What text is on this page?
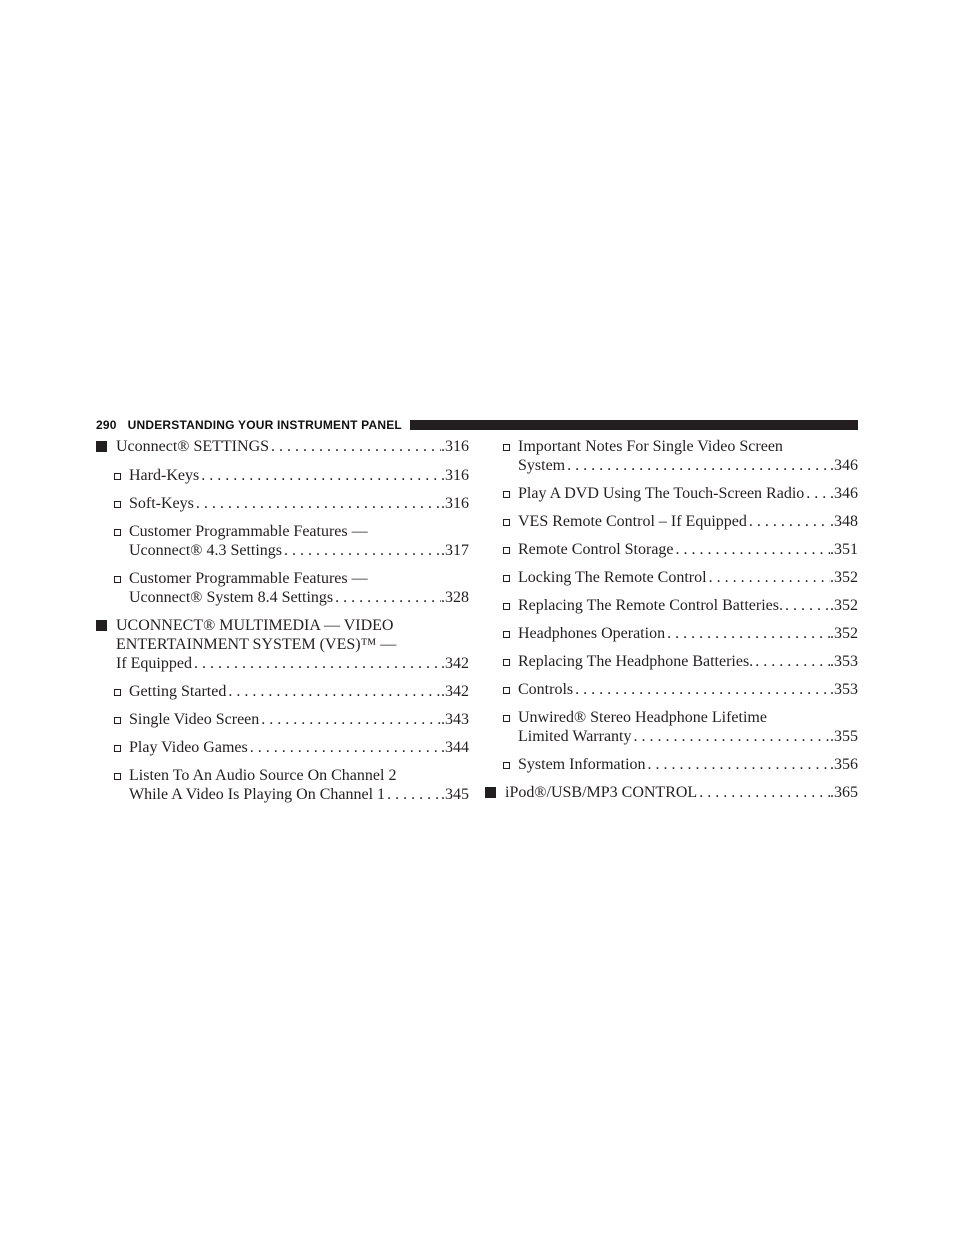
290 UNDERSTANDING YOUR INSTRUMENT PANEL
Uconnect® SETTINGS . . .	.316
Hard-Keys . . .	.316
Soft-Keys . . .	.316
Customer Programmable Features —
Uconnect® 4.3 Settings . . .	.317
Customer Programmable Features —
Uconnect® System 8.4 Settings . . .	.328
UCONNECT® MULTIMEDIA — VIDEO
ENTERTAINMENT SYSTEM (VES)™ —
If Equipped . . .	.342
Getting Started . . .	.342
Single Video Screen . . .	.343
Play Video Games . . .	.344
Listen To An Audio Source On Channel 2
While A Video Is Playing On Channel 1 . . .	.345
Important Notes For Single Video Screen
System . . .	.346
Play A DVD Using The Touch-Screen Radio . . . .346
VES Remote Control – If Equipped . . .	.348
Remote Control Storage . . .	.351
Locking The Remote Control . . .	.352
Replacing The Remote Control Batteries. . . .	.352
Headphones Operation . . .	.352
Replacing The Headphone Batteries. . . .	.353
Controls . . .	.353
Unwired® Stereo Headphone Lifetime
Limited Warranty . . .	.355
System Information . . .	.356
iPod®/USB/MP3 CONTROL . . .	.365
